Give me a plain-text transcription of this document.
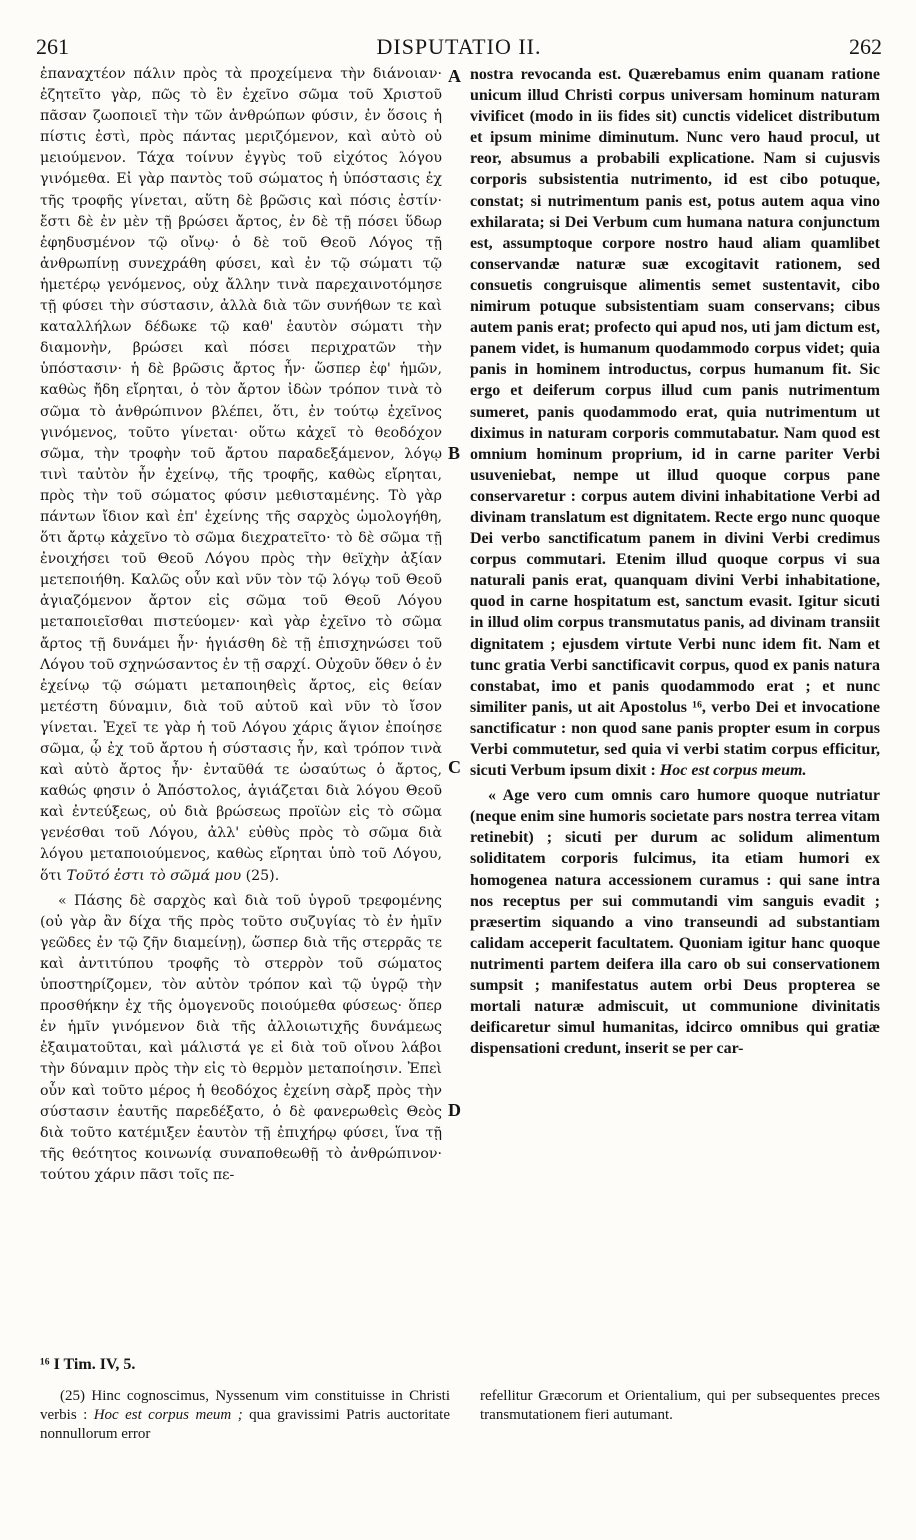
261	DISPUTATIO II.	262

ἐπαναχτέον πάλιν πρὸς τὰ προχείμενα τὴν διάνοιαν· ἐζητεῖτο γὰρ, πῶς τὸ ἓν ἐχεῖνο σῶμα τοῦ Χριστοῦ πᾶσαν ζωοποιεῖ τὴν τῶν ἀνθρώπων φύσιν, ἐν ὅσοις ἡ πίστις ἐστὶ, πρὸς πάντας μεριζόμενον, καὶ αὐτὸ οὐ μειούμενον. Τάχα τοίνυν ἐγγὺς τοῦ εἰχότος λόγου γινόμεθα. Εἰ γὰρ παντὸς τοῦ σώματος ἡ ὑπόστασις ἐχ τῆς τροφῆς γίνεται, αὕτη δὲ βρῶσις καὶ πόσις ἐστίν· ἔστι δὲ ἐν μὲν τῇ βρώσει ἄρτος, ἐν δὲ τῇ πόσει ὕδωρ ἐφηδυσμένον τῷ οἴνῳ· ὁ δὲ τοῦ Θεοῦ Λόγος τῇ ἀνθρωπίνῃ συνεχράθη φύσει, καὶ ἐν τῷ σώματι τῷ ἡμετέρῳ γενόμενος, οὐχ ἄλλην τινὰ παρεχαινοτόμησε τῇ φύσει τὴν σύστασιν, ἀλλὰ διὰ τῶν συνήθων τε καὶ καταλλήλων δέδωκε τῷ καθ' ἑαυτὸν σώματι τὴν διαμονὴν, βρώσει καὶ πόσει περιχρατῶν τὴν ὑπόστασιν· ἡ δὲ βρῶσις ἄρτος ἦν· ὥσπερ ἐφ' ἡμῶν, καθὼς ἤδη εἴρηται, ὁ τὸν ἄρτον ἰδὼν τρόπον τινὰ τὸ σῶμα τὸ ἀνθρώπινον βλέπει, ὅτι, ἐν τούτῳ ἐχεῖνος γινόμενος, τοῦτο γίνεται· οὕτω κἀχεῖ τὸ θεοδόχον σῶμα, τὴν τροφὴν τοῦ ἄρτου παραδεξάμενον, λόγῳ τινὶ ταὐτὸν ἦν ἐχείνῳ, τῆς τροφῆς, καθὼς εἴρηται, πρὸς τὴν τοῦ σώματος φύσιν μεθισταμένης. Τὸ γὰρ πάντων ἴδιον καὶ ἐπ' ἐχείνης τῆς σαρχὸς ὡμολογήθη, ὅτι ἄρτῳ κἀχεῖνο τὸ σῶμα διεχρατεῖτο· τὸ δὲ σῶμα τῇ ἐνοιχήσει τοῦ Θεοῦ Λόγου πρὸς τὴν θεϊχὴν ἀξίαν μετεποιήθη. Καλῶς οὖν καὶ νῦν τὸν τῷ λόγῳ τοῦ Θεοῦ ἁγιαζόμενον ἄρτον εἰς σῶμα τοῦ Θεοῦ Λόγου μεταποιεῖσθαι πιστεύομεν· καὶ γὰρ ἐχεῖνο τὸ σῶμα ἄρτος τῇ δυνάμει ἦν· ἡγιάσθη δὲ τῇ ἐπισχηνώσει τοῦ Λόγου τοῦ σχηνώσαντος ἐν τῇ σαρχί. Οὐχοῦν ὅθεν ὁ ἐν ἐχείνῳ τῷ σώματι μεταποιηθεὶς ἄρτος, εἰς θείαν μετέστη δύναμιν, διὰ τοῦ αὐτοῦ καὶ νῦν τὸ ἴσον γίνεται. Ἐχεῖ τε γὰρ ἡ τοῦ Λόγου χάρις ἅγιον ἐποίησε σῶμα, ᾧ ἐχ τοῦ ἄρτου ἡ σύστασις ἦν, καὶ τρόπον τινὰ καὶ αὐτὸ ἄρτος ἦν· ἐνταῦθά τε ὡσαύτως ὁ ἄρτος, καθώς φησιν ὁ Ἀπόστολος, ἁγιάζεται διὰ λόγου Θεοῦ καὶ ἐντεύξεως, οὐ διὰ βρώσεως προϊὼν εἰς τὸ σῶμα γενέσθαι τοῦ Λόγου, ἀλλ' εὐθὺς πρὸς τὸ σῶμα διὰ λόγου μεταποιούμενος, καθὼς εἴρηται ὑπὸ τοῦ Λόγου, ὅτι Τοῦτό ἐστι τὸ σῶμά μου (25).

« Πάσης δὲ σαρχὸς καὶ διὰ τοῦ ὑγροῦ τρεφομένης (οὐ γὰρ ἂν δίχα τῆς πρὸς τοῦτο συζυγίας τὸ ἐν ἡμῖν γεῶδες ἐν τῷ ζῆν διαμείνῃ), ὥσπερ διὰ τῆς στερρᾶς τε καὶ ἀντιτύπου τροφῆς τὸ στερρὸν τοῦ σώματος ὑποστηρίζομεν, τὸν αὐτὸν τρόπον καὶ τῷ ὑγρῷ τὴν προσθήκην ἐχ τῆς ὁμογενοῦς ποιούμεθα φύσεως· ὅπερ ἐν ἡμῖν γινόμενον διὰ τῆς ἀλλοιωτιχῆς δυνάμεως ἐξαιματοῦται, καὶ μάλιστά γε εἰ διὰ τοῦ οἴνου λάβοι τὴν δύναμιν πρὸς τὴν εἰς τὸ θερμὸν μεταποίησιν. Ἐπεὶ οὖν καὶ τοῦτο μέρος ἡ θεοδόχος ἐχείνη σὰρξ πρὸς τὴν σύστασιν ἑαυτῆς παρεδέξατο, ὁ δὲ φανερωθεὶς Θεὸς διὰ τοῦτο κατέμιξεν ἑαυτὸν τῇ ἐπιχήρῳ φύσει, ἵνα τῇ τῆς θεότητος κοινωνίᾳ συναποθεωθῇ τὸ ἀνθρώπινον· τούτου χάριν πᾶσι τοῖς πε-

A
B
C
D

nostra revocanda est. Quærebamus enim quanam ratione unicum illud Christi corpus universam hominum naturam vivificet (modo in iis fides sit) cunctis videlicet distributum et ipsum minime diminutum. Nunc vero haud procul, ut reor, absumus a probabili explicatione. Nam si cujusvis corporis subsistentia nutrimento, id est cibo potuque, constat; si nutrimentum panis est, potus autem aqua vino exhilarata; si Dei Verbum cum humana natura conjunctum est, assumptoque corpore nostro haud aliam quamlibet conservandæ naturæ suæ excogitavit rationem, sed consuetis congruisque alimentis semet sustentavit, cibo nimirum potuque subsistentiam suam conservans; cibus autem panis erat; profecto qui apud nos, uti jam dictum est, panem videt, is humanum quodammodo corpus videt; quia panis in hominem introductus, corpus humanum fit. Sic ergo et deiferum corpus illud cum panis nutrimentum sumeret, panis quodammodo erat, quia nutrimentum ut diximus in naturam corporis commutabatur. Nam quod est omnium hominum proprium, id in carne pariter Verbi usuveniebat, nempe ut illud quoque corpus pane conservaretur : corpus autem divini inhabitatione Verbi ad divinam translatum est dignitatem. Recte ergo nunc quoque Dei verbo sanctificatum panem in divini Verbi credimus corpus commutari. Etenim illud quoque corpus vi sua naturali panis erat, quanquam divini Verbi inhabitatione, quod in carne hospitatum est, sanctum evasit. Igitur sicuti in illud olim corpus transmutatus panis, ad divinam transiit dignitatem ; ejusdem virtute Verbi nunc idem fit. Nam et tunc gratia Verbi sanctificavit corpus, quod ex panis natura constabat, imo et panis quodammodo erat ; et nunc similiter panis, ut ait Apostolus ¹⁶, verbo Dei et invocatione sanctificatur : non quod sane panis propter esum in corpus Verbi commutetur, sed quia vi verbi statim corpus efficitur, sicuti Verbum ipsum dixit : Hoc est corpus meum.

« Age vero cum omnis caro humore quoque nutriatur (neque enim sine humoris societate pars nostra terrea vitam retinebit) ; sicuti per durum ac solidum alimentum soliditatem corporis fulcimus, ita etiam humori ex homogenea natura accessionem curamus : qui sane intra nos receptus per sui commutandi vim sanguis evadit ; præsertim siquando a vino transeundi ad substantiam calidam acceperit facultatem. Quoniam igitur hanc quoque nutrimenti partem deifera illa caro ob sui conservationem sumpsit ; manifestatus autem orbi Deus propterea se mortali naturæ admiscuit, ut communione divinitatis deificaretur simul humanitas, idcirco omnibus qui gratiæ dispensationi credunt, inserit se per car-

¹⁶ I Tim. IV, 5.
(25) Hinc cognoscimus, Nyssenum vim constituisse in Christi verbis : Hoc est corpus meum ; qua gravissimi Patris auctoritate nonnullorum error
refellitur Græcorum et Orientalium, qui per subsequentes preces transmutationem fieri autumant.
